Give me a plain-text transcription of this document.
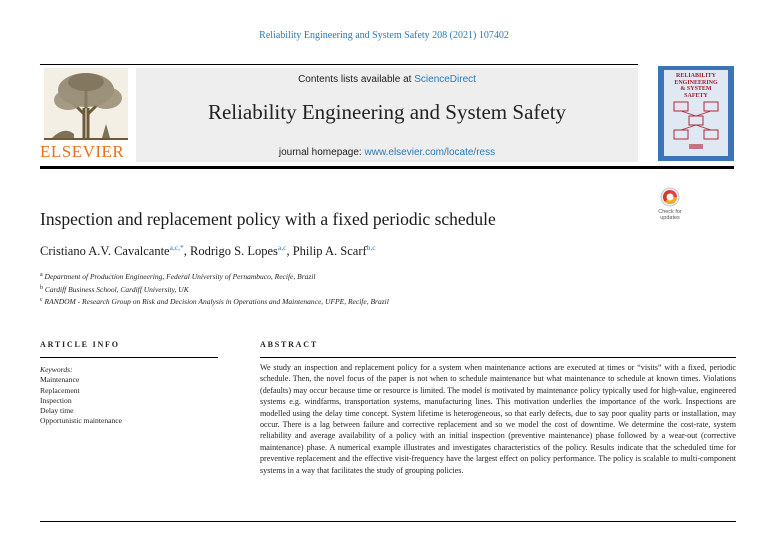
Reliability Engineering and System Safety 208 (2021) 107402
ELSEVIER
Contents lists available at ScienceDirect
Reliability Engineering and System Safety
journal homepage: www.elsevier.com/locate/ress
RELIABILITY
ENGINEERING
& SYSTEM
SAFETY
Inspection and replacement policy with a fixed periodic schedule	Check for
updates
Cristiano A.V. Cavalcante$^{a,c,*}$, Rodrigo S. Lopes$^{a,c}$, Philip A. Scarf$^{b,c}$
$^a$ Department of Production Engineering, Federal University of Pernambuco, Recife, Brazil
$^b$ Cardiff Business School, Cardiff University, UK
$^c$ RANDOM - Research Group on Risk and Decision Analysis in Operations and Maintenance, UFPE, Recife, Brazil
ARTICLE INFO	ABSTRACT
Keywords:
Maintenance
Replacement
Inspection
Delay time
Opportunistic maintenance
We study an inspection and replacement policy for a system when maintenance actions are executed at times or “visits” with a fixed, periodic schedule. Then, the novel focus of the paper is not when to schedule maintenance but what maintenance to schedule at known times. Violations (defaults) may occur because time or resource is limited. The model is motivated by maintenance policy typically used for high-value, engineered systems e.g. windfarms, transportation systems, manufacturing lines. This motivation underlies the importance of the work. Inspections are modelled using the delay time concept. System lifetime is heterogeneous, so that early defects, due to say poor quality parts or installation, may occur. There is a lag between failure and corrective replacement and so we model the cost of downtime. We determine the cost-rate, system reliability and average availability of a policy with an initial inspection (preventive maintenance) phase followed by a wear-out (corrective maintenance) phase. A numerical example illustrates and investigates characteristics of the policy. Results indicate that the scheduled time for preventive replacement and the effective visit-frequency have the largest effect on policy performance. The policy is scalable to multi-component systems in a way that facilitates the study of grouping policies.
